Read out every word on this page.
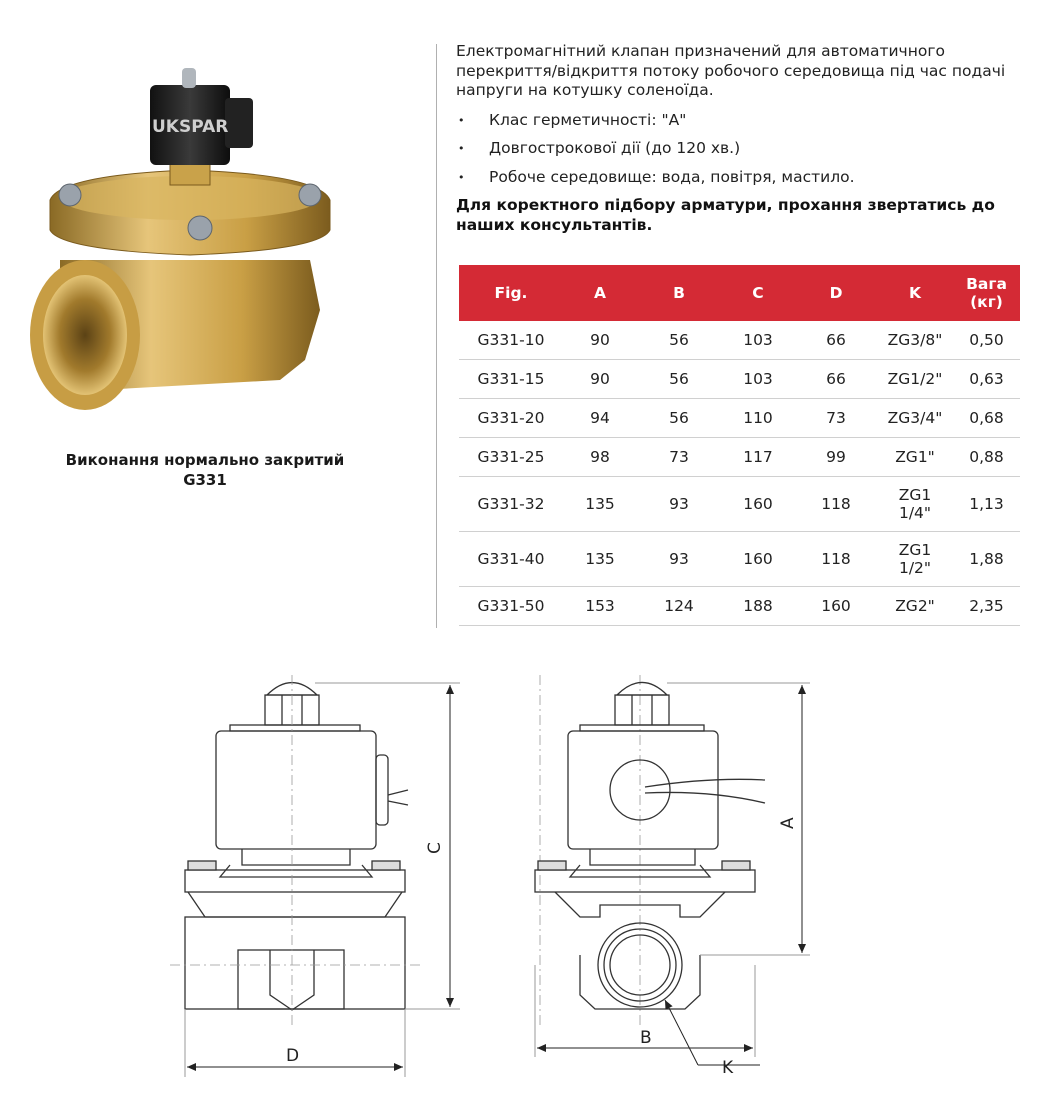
UKSPAR
Виконання нормально закритий
G331
Електромагнітний клапан призначений для автоматичного перекриття/відкриття потоку робочого середовища під час подачі напруги на котушку соленоїда.
• Клас герметичності: "А"
• Довгострокової дії (до 120 хв.)
• Робоче середовище: вода, повітря, мастило.
Для коректного підбору арматури, прохання звертатись до наших консультантів.
Fig.	A	B	C	D	K	Вага (кг)
G331-10	90	56	103	66	ZG3/8"	0,50
G331-15	90	56	103	66	ZG1/2"	0,63
G331-20	94	56	110	73	ZG3/4"	0,68
G331-25	98	73	117	99	ZG1"	0,88
G331-32	135	93	160	118	ZG1 1/4"	1,13
G331-40	135	93	160	118	ZG1 1/2"	1,88
G331-50	153	124	188	160	ZG2"	2,35
C
D
A
B
K
